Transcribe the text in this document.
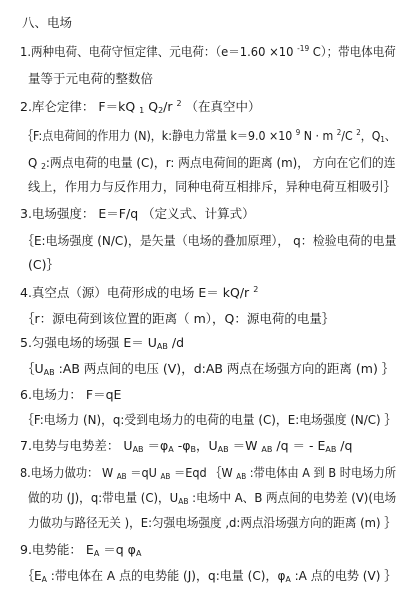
八、电场
1.两种电荷、电荷守恒定律、元电荷：（e＝1.60 ×10 $^{-19}$ C）；带电体电荷
量等于元电荷的整数倍
2.库仑定律： F＝kQ $_1$ $Q_2/r$ $^2$ （在真空中）
｛F:点电荷间的作用力 (N)，k:静电力常量 k＝9.0 ×10 $^9$ N · m $^2$/C $^2$，$Q_1$、
Q $_2$:两点电荷的电量 (C)，r: 两点电荷间的距离 (m)， 方向在它们的连
线上，作用力与反作用力，同种电荷互相排斥，异种电荷互相吸引｝
3.电场强度： E＝F/q （定义式、计算式）
｛E:电场强度 (N/C)，是矢量（电场的叠加原理）， q：检验电荷的电量
(C)｝
4.真空点（源）电荷形成的电场 E＝ kQ/r $^2$
｛r：源电荷到该位置的距离（ m），Q：源电荷的电量｝
5.匀强电场的场强 $E= U_{AB}$ /d
$\{U_{AB}$ :AB 两点间的电压 (V)，d:AB 两点在场强方向的距离 (m) ｝
6.电场力： F＝qE
｛F:电场力 (N)，q:受到电场力的电荷的电量 (C)，E:电场强度 (N/C) ｝
7.电势与电势差： $U_{AB} =\varphi_A$ $-\varphi_B$，$U_{AB} =W$ $_{AB}$ /q ＝ - $E_{AB}$ /q
8.电场力做功： W $_{AB}$ ＝qU $_{AB}$ ＝Eqd ｛W $_{AB}$ :带电体由 A 到 B 时电场力所
做的功 (J)，q:带电量 (C)，$U_{AB}$ :电场中 A、B 两点间的电势差 (V)(电场
力做功与路径无关 )，E:匀强电场强度 ,d:两点沿场强方向的距离 (m) ｝
9.电势能： $E_A =q$ $\varphi_A$
$\{E_A$ :带电体在 A 点的电势能 (J)，q:电量 (C)，$\varphi_A$ :A 点的电势 (V) ｝
